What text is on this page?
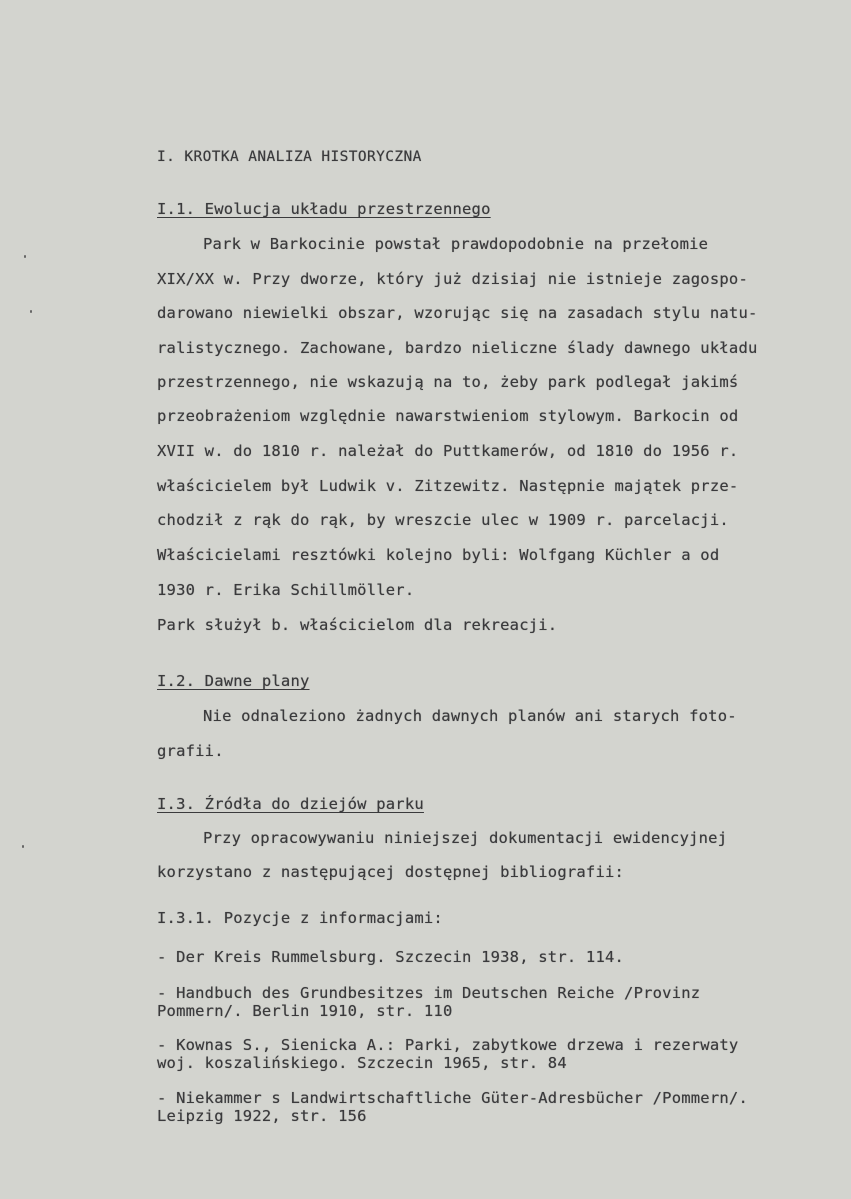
I. KROTKA ANALIZA HISTORYCZNA
I.1. Ewolucja układu przestrzennego
Park w Barkocinie powstał prawdopodobnie na przełomie
XIX/XX w. Przy dworze, który już dzisiaj nie istnieje zagospo-
darowano niewielki obszar, wzorując się na zasadach stylu natu-
ralistycznego. Zachowane, bardzo nieliczne ślady dawnego układu
przestrzennego, nie wskazują na to, żeby park podlegał jakimś
przeobrażeniom względnie nawarstwieniom stylowym. Barkocin od
XVII w. do 1810 r. należał do Puttkamerów, od 1810 do 1956 r.
właścicielem był Ludwik v. Zitzewitz. Następnie majątek prze-
chodził z rąk do rąk, by wreszcie ulec w 1909 r. parcelacji.
Właścicielami resztówki kolejno byli: Wolfgang Küchler a od
1930 r. Erika Schillmöller.
Park służył b. właścicielom dla rekreacji.
I.2. Dawne plany
Nie odnaleziono żadnych dawnych planów ani starych foto-
grafii.
I.3. Źródła do dziejów parku
Przy opracowywaniu niniejszej dokumentacji ewidencyjnej
korzystano z następującej dostępnej bibliografii:
I.3.1. Pozycje z informacjami:
- Der Kreis Rummelsburg. Szczecin 1938, str. 114.
- Handbuch des Grundbesitzes im Deutschen Reiche /Provinz
Pommern/. Berlin 1910, str. 110
- Kownas S., Sienicka A.: Parki, zabytkowe drzewa i rezerwaty
woj. koszalińskiego. Szczecin 1965, str. 84
- Niekammer s Landwirtschaftliche Güter-Adresbücher /Pommern/.
Leipzig 1922, str. 156
